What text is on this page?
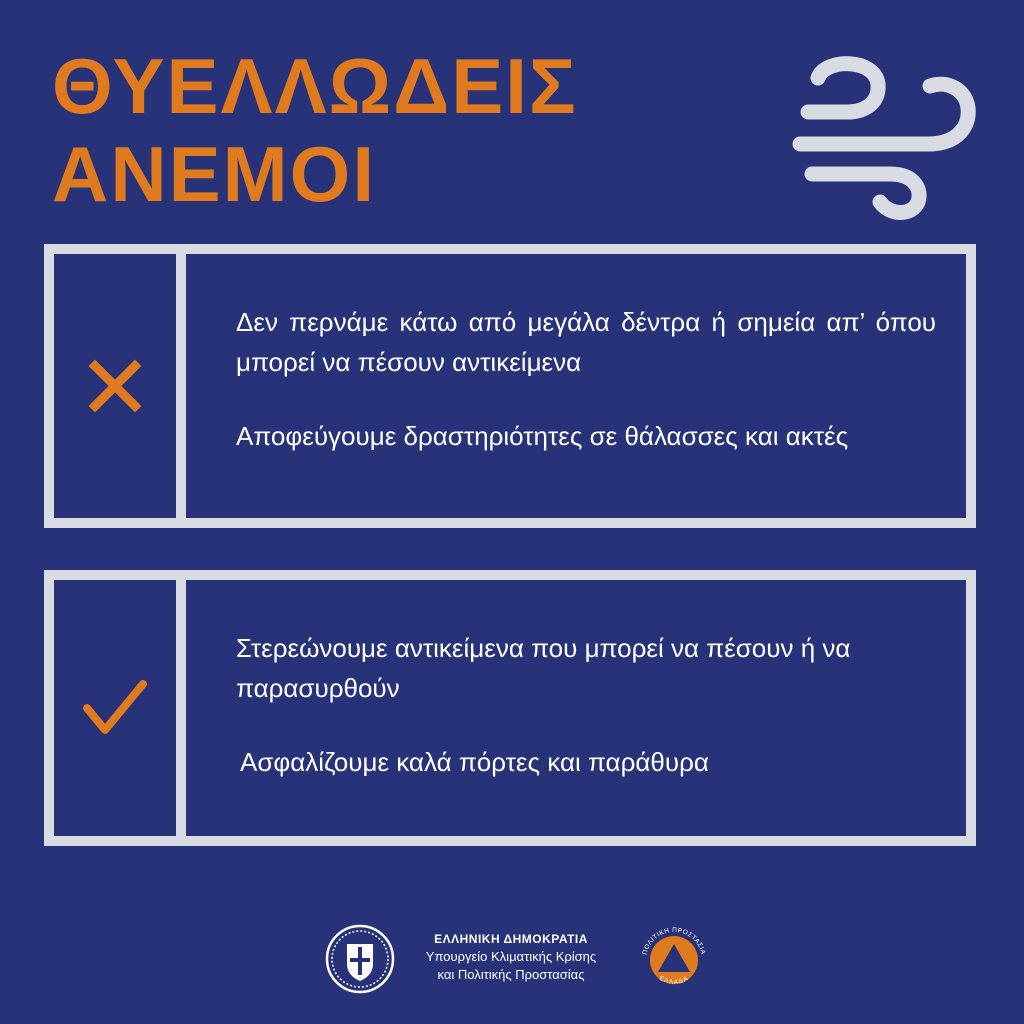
ΘΥΕΛΛΩΔΕΙΣ
ΑΝΕΜΟΙ

Δεν περνάμε κάτω από μεγάλα δέντρα ή σημεία απ’ όπου μπορεί να πέσουν αντικείμενα

Αποφεύγουμε δραστηριότητες σε θάλασσες και ακτές

Στερεώνουμε αντικείμενα που μπορεί να πέσουν ή να παρασυρθούν

Ασφαλίζουμε καλά πόρτες και παράθυρα

ΕΛΛΗΝΙΚΗ ΔΗΜΟΚΡΑΤΙΑ
Υπουργείο Κλιματικής Κρίσης
και Πολιτικής Προστασίας
ΠΟΛΙΤΙΚΗ ΠΡΟΣΤΑΣΙΑ
ΕΛΛΑΔΑ
